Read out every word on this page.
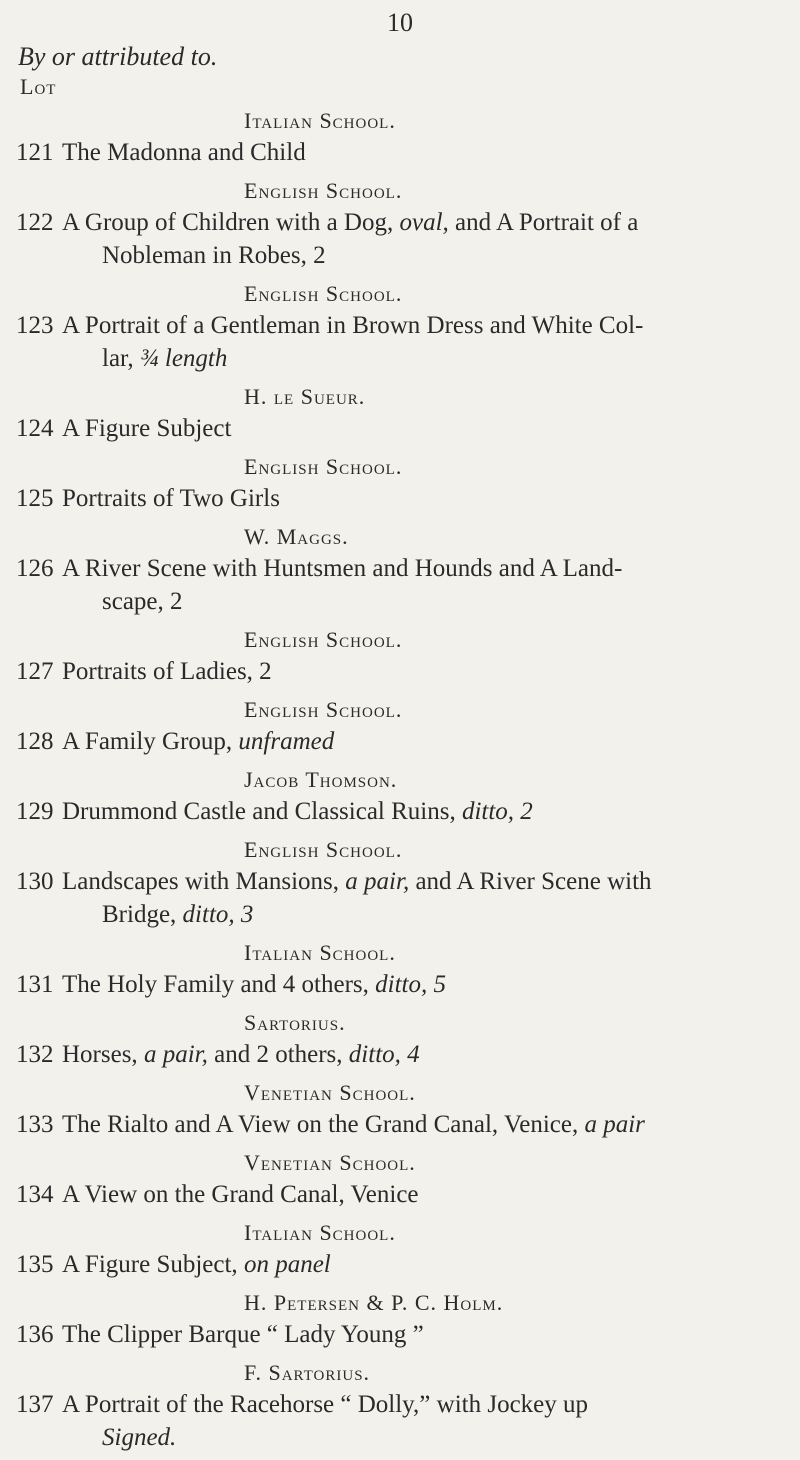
10
By or attributed to.
Lot
Italian School.
121 The Madonna and Child
English School.
122 A Group of Children with a Dog, oval, and A Portrait of a
Nobleman in Robes, 2
English School.
123 A Portrait of a Gentleman in Brown Dress and White Col-
lar, ¾ length
H. le Sueur.
124 A Figure Subject
English School.
125 Portraits of Two Girls
W. Maggs.
126 A River Scene with Huntsmen and Hounds and A Land-
scape, 2
English School.
127 Portraits of Ladies, 2
English School.
128 A Family Group, unframed
Jacob Thomson.
129 Drummond Castle and Classical Ruins, ditto, 2
English School.
130 Landscapes with Mansions, a pair, and A River Scene with
Bridge, ditto, 3
Italian School.
131 The Holy Family and 4 others, ditto, 5
Sartorius.
132 Horses, a pair, and 2 others, ditto, 4
Venetian School.
133 The Rialto and A View on the Grand Canal, Venice, a pair
Venetian School.
134 A View on the Grand Canal, Venice
Italian School.
135 A Figure Subject, on panel
H. Petersen & P. C. Holm.
136 The Clipper Barque “ Lady Young ”
F. Sartorius.
137 A Portrait of the Racehorse “ Dolly,” with Jockey up
Signed.
